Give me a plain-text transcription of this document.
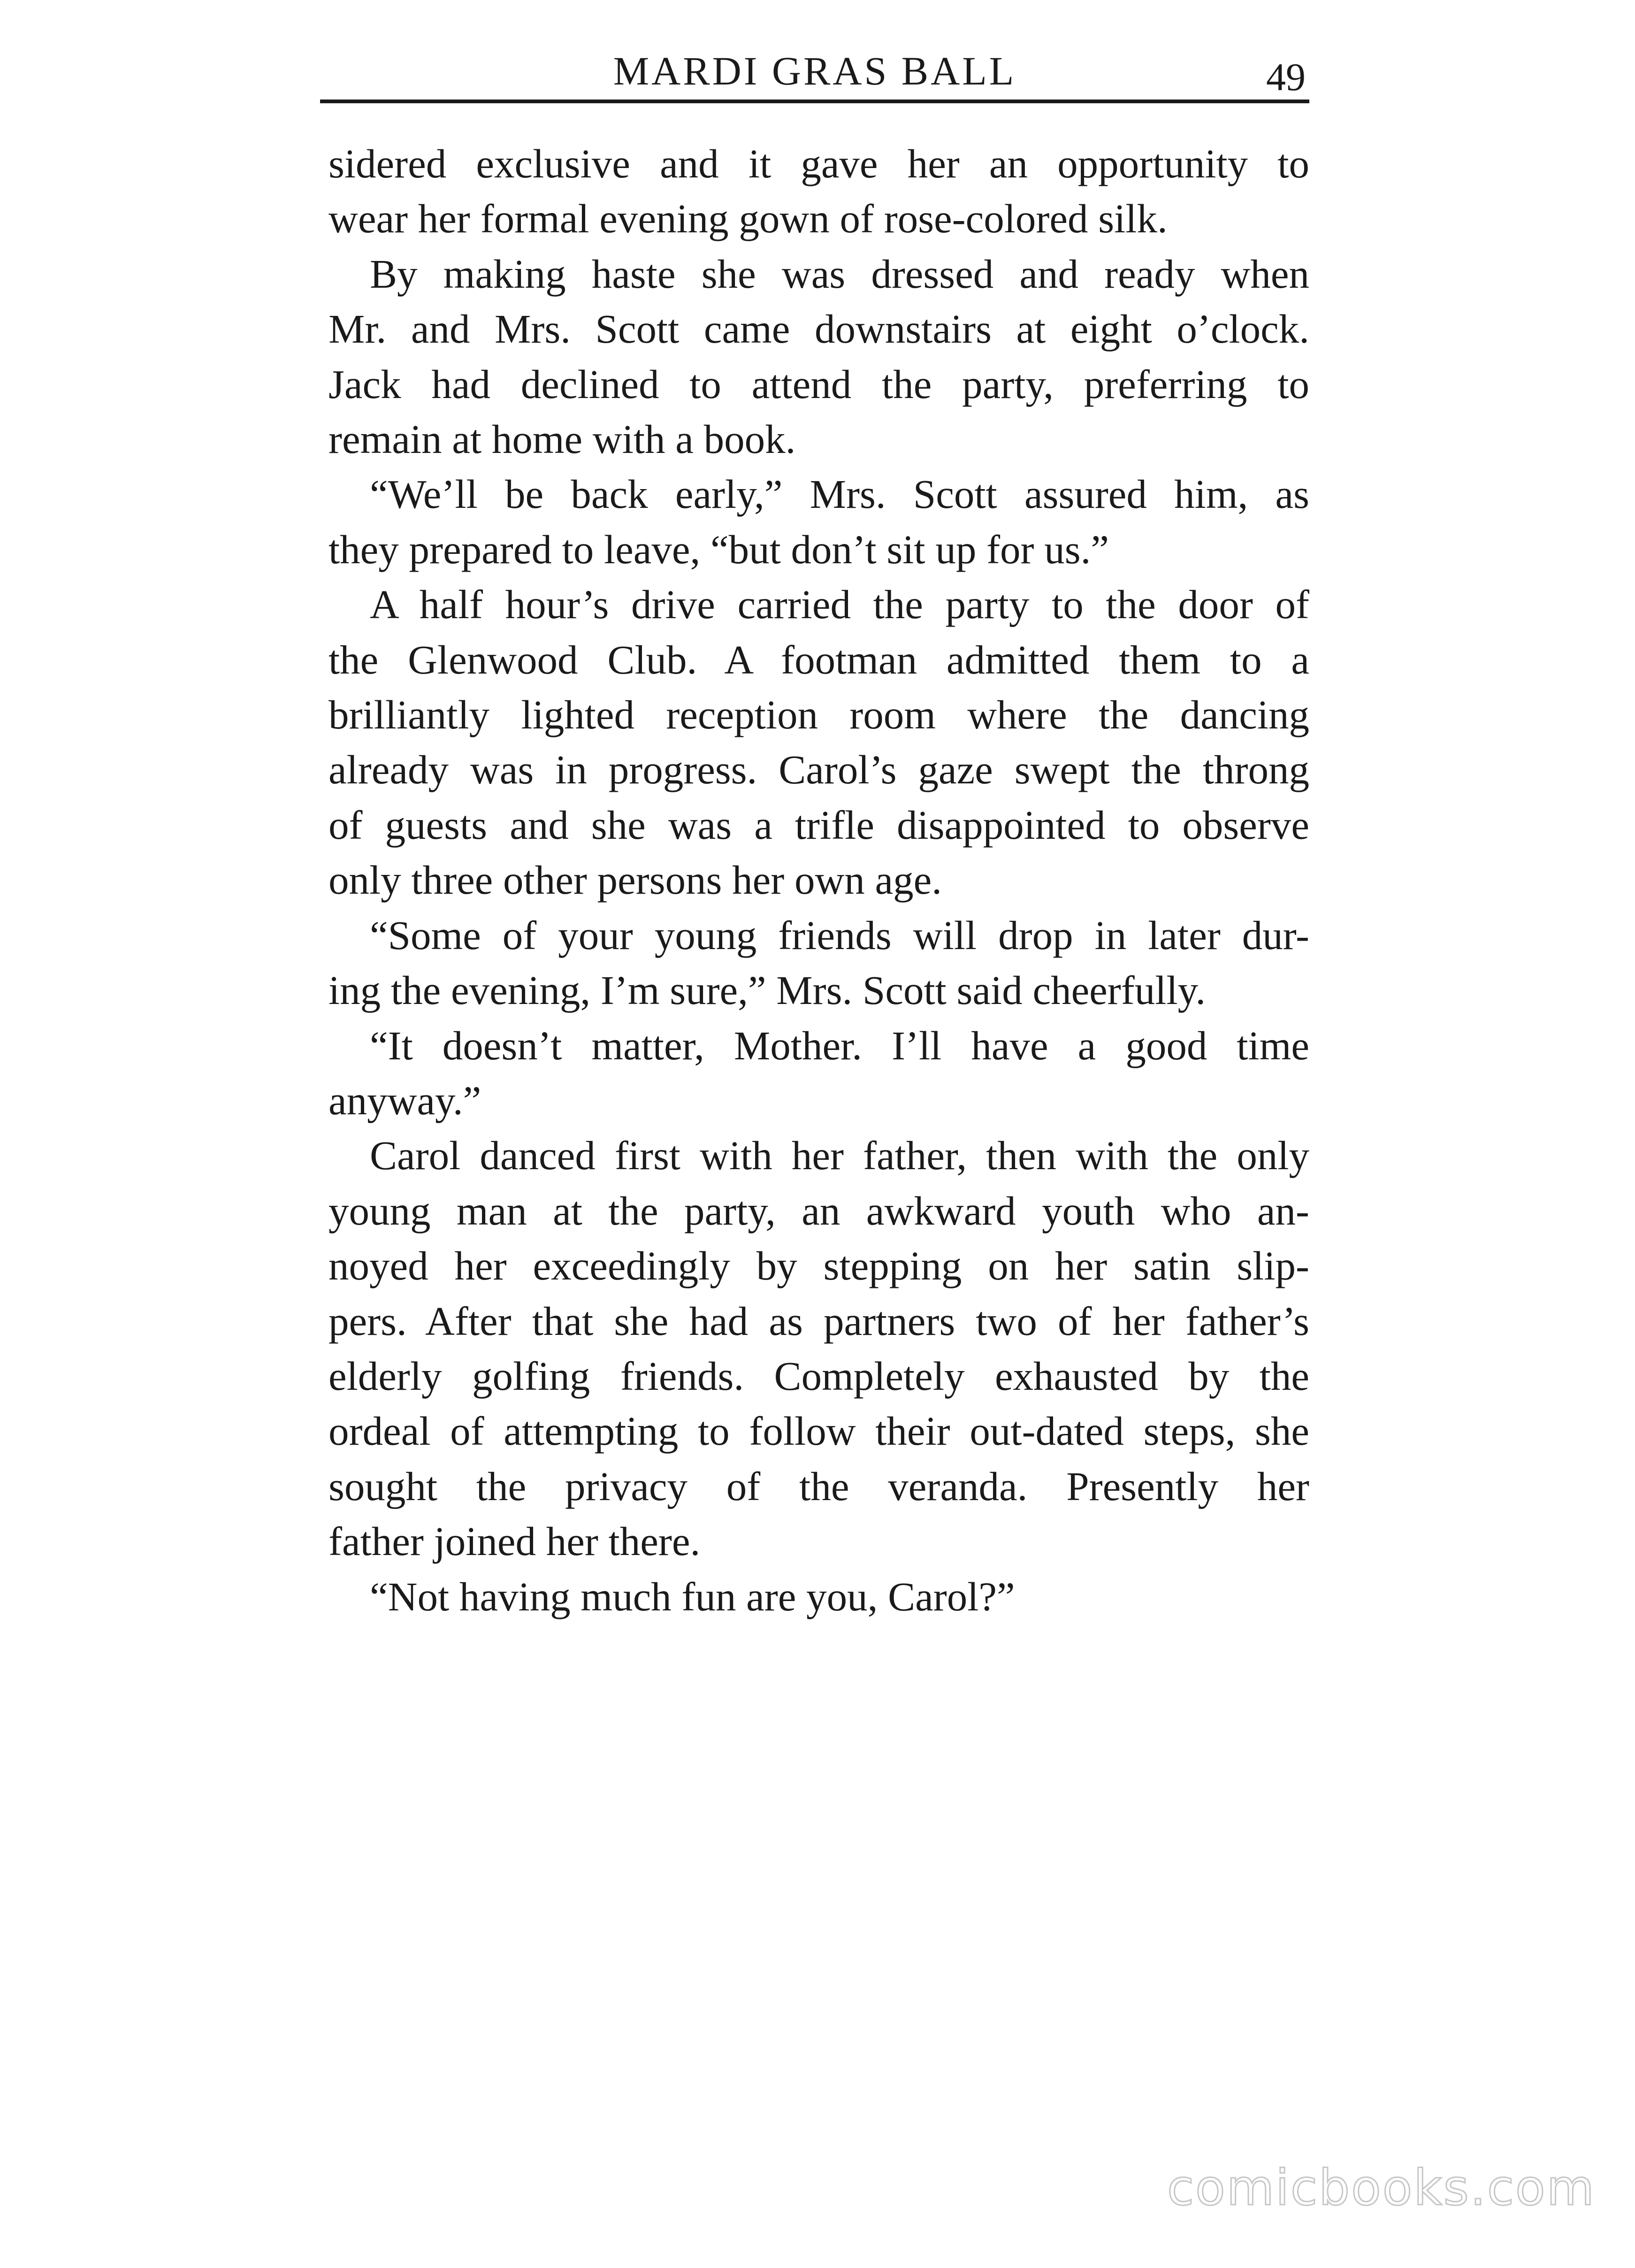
MARDI GRAS BALL	49

sidered exclusive and it gave her an opportunity to

wear her formal evening gown of rose-colored silk.

By making haste she was dressed and ready when

Mr. and Mrs. Scott came downstairs at eight o’clock.

Jack had declined to attend the party, preferring to

remain at home with a book.

“We’ll be back early,” Mrs. Scott assured him, as

they prepared to leave, “but don’t sit up for us.”

A half hour’s drive carried the party to the door of

the Glenwood Club. A footman admitted them to a

brilliantly lighted reception room where the dancing

already was in progress. Carol’s gaze swept the throng

of guests and she was a trifle disappointed to observe

only three other persons her own age.

“Some of your young friends will drop in later dur-

ing the evening, I’m sure,” Mrs. Scott said cheerfully.

“It doesn’t matter, Mother. I’ll have a good time

anyway.”

Carol danced first with her father, then with the only

young man at the party, an awkward youth who an-

noyed her exceedingly by stepping on her satin slip-

pers. After that she had as partners two of her father’s

elderly golfing friends. Completely exhausted by the

ordeal of attempting to follow their out-dated steps, she

sought the privacy of the veranda. Presently her

father joined her there.

“Not having much fun are you, Carol?”

comicbooks.com
